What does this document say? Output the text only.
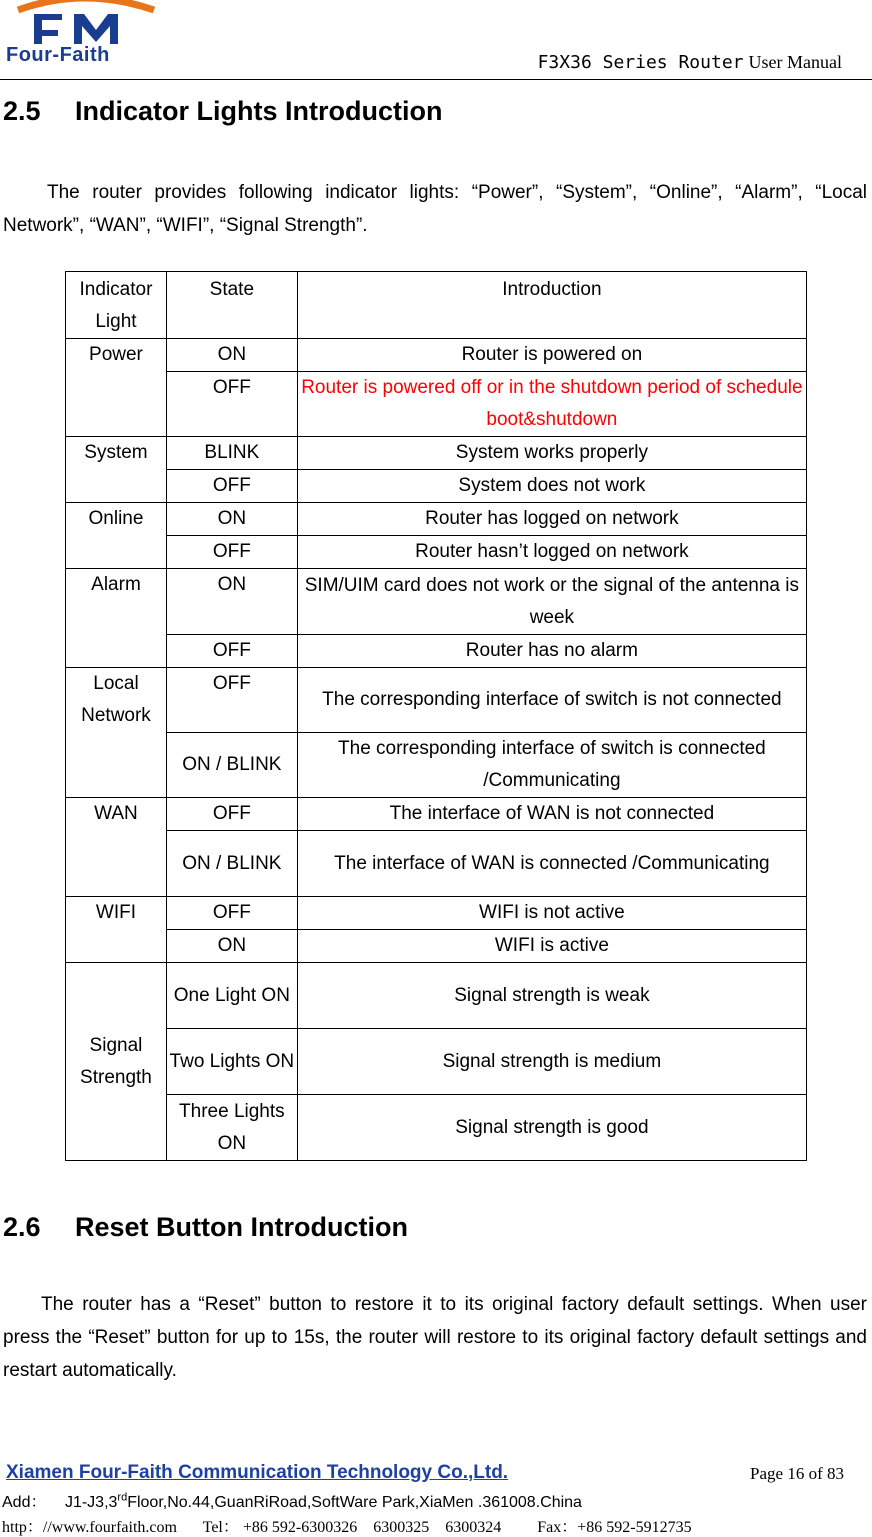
Four-Faith	F3X36 Series Router User Manual
2.5 Indicator Lights Introduction

The router provides following indicator lights: “Power”, “System”, “Online”, “Alarm”, “Local Network”, “WAN”, “WIFI”, “Signal Strength”.

Indicator Light	State	Introduction
Power	ON	Router is powered on
	OFF	Router is powered off or in the shutdown period of schedule boot&shutdown
System	BLINK	System works properly
	OFF	System does not work
Online	ON	Router has logged on network
	OFF	Router hasn’t logged on network
Alarm	ON	SIM/UIM card does not work or the signal of the antenna is week
	OFF	Router has no alarm
Local Network	OFF	The corresponding interface of switch is not connected
	ON / BLINK	The corresponding interface of switch is connected /Communicating
WAN	OFF	The interface of WAN is not connected
	ON / BLINK	The interface of WAN is connected /Communicating
WIFI	OFF	WIFI is not active
	ON	WIFI is active
Signal Strength	One Light ON	Signal strength is weak
	Two Lights ON	Signal strength is medium
	Three Lights ON	Signal strength is good
2.6 Reset Button Introduction

The router has a “Reset” button to restore it to its original factory default settings. When user press the “Reset” button for up to 15s, the router will restore to its original factory default settings and restart automatically.

Xiamen Four-Faith Communication Technology Co.,Ltd.	Page 16 of 83
Add： J1-J3,3rdFloor,No.44,GuanRiRoad,SoftWare Park,XiaMen .361008.China
http：//www.fourfaith.com Tel： +86 592-6300326　6300325　6300324 Fax：+86 592-5912735
